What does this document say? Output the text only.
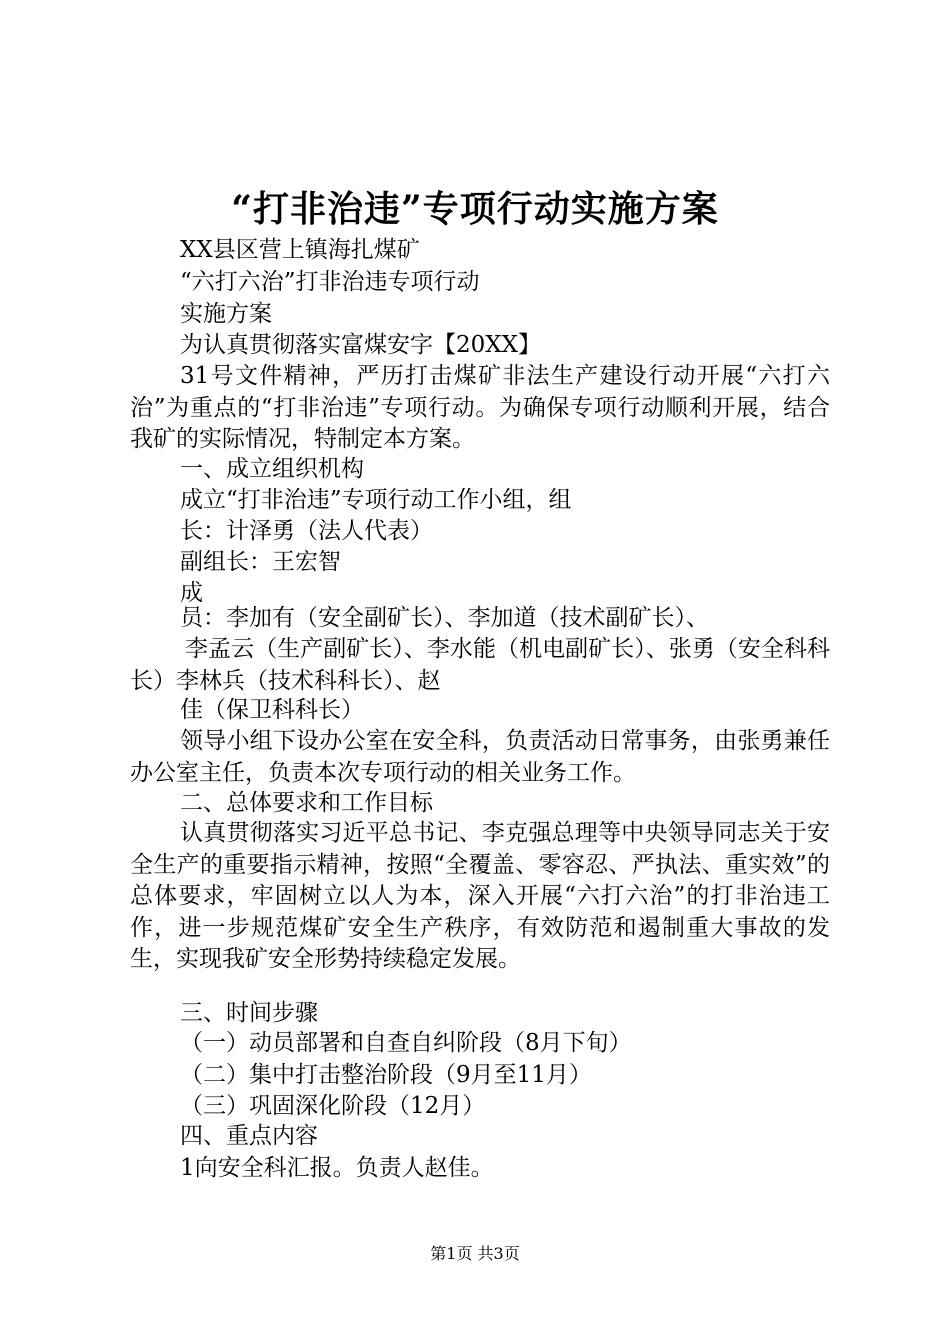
“打非治违”专项行动实施方案
XX县区营上镇海扎煤矿
“六打六治”打非治违专项行动
实施方案
为认真贯彻落实富煤安字【20XX】
31号文件精神，严历打击煤矿非法生产建设行动开展“六打六治”为重点的“打非治违”专项行动。为确保专项行动顺利开展，结合我矿的实际情况，特制定本方案。
一、成立组织机构
成立“打非治违”专项行动工作小组，组
长：计泽勇（法人代表）
副组长：王宏智
成
员：李加有（安全副矿长）、李加道（技术副矿长）、
李孟云（生产副矿长）、李水能（机电副矿长）、张勇（安全科科长）李林兵（技术科科长）、赵
佳（保卫科科长）
领导小组下设办公室在安全科，负责活动日常事务，由张勇兼任办公室主任，负责本次专项行动的相关业务工作。
二、总体要求和工作目标
认真贯彻落实习近平总书记、李克强总理等中央领导同志关于安全生产的重要指示精神，按照“全覆盖、零容忍、严执法、重实效”的总体要求，牢固树立以人为本，深入开展“六打六治”的打非治违工作，进一步规范煤矿安全生产秩序，有效防范和遏制重大事故的发生，实现我矿安全形势持续稳定发展。
三、时间步骤
（一）动员部署和自查自纠阶段（8月下旬）
（二）集中打击整治阶段（9月至11月）
（三）巩固深化阶段（12月）
四、重点内容
1向安全科汇报。负责人赵佳。
第1页 共3页
